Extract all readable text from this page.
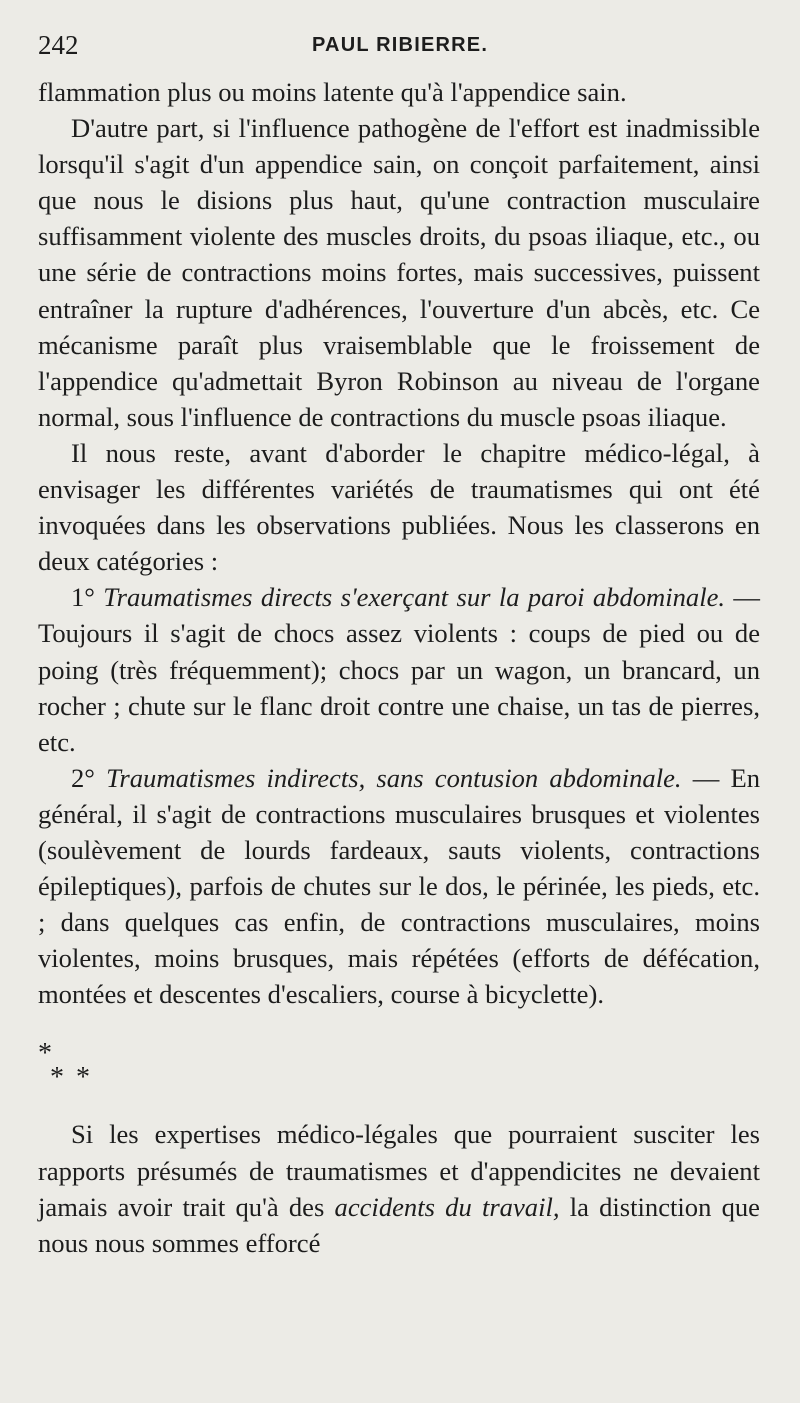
242	PAUL RIBIERRE.

flammation plus ou moins latente qu'à l'appendice sain.

D'autre part, si l'influence pathogène de l'effort est inadmissible lorsqu'il s'agit d'un appendice sain, on conçoit parfaitement, ainsi que nous le disions plus haut, qu'une contraction musculaire suffisamment violente des muscles droits, du psoas iliaque, etc., ou une série de contractions moins fortes, mais successives, puissent entraîner la rupture d'adhérences, l'ouverture d'un abcès, etc. Ce mécanisme paraît plus vraisemblable que le froissement de l'appendice qu'admettait Byron Robinson au niveau de l'organe normal, sous l'influence de contractions du muscle psoas iliaque.

Il nous reste, avant d'aborder le chapitre médico-légal, à envisager les différentes variétés de traumatismes qui ont été invoquées dans les observations publiées. Nous les classerons en deux catégories :

1° Traumatismes directs s'exerçant sur la paroi abdominale. — Toujours il s'agit de chocs assez violents : coups de pied ou de poing (très fréquemment); chocs par un wagon, un brancard, un rocher ; chute sur le flanc droit contre une chaise, un tas de pierres, etc.

2° Traumatismes indirects, sans contusion abdominale. — En général, il s'agit de contractions musculaires brusques et violentes (soulèvement de lourds fardeaux, sauts violents, contractions épileptiques), parfois de chutes sur le dos, le périnée, les pieds, etc. ; dans quelques cas enfin, de contractions musculaires, moins violentes, moins brusques, mais répétées (efforts de défécation, montées et descentes d'escaliers, course à bicyclette).

*
**

Si les expertises médico-légales que pourraient susciter les rapports présumés de traumatismes et d'appendicites ne devaient jamais avoir trait qu'à des accidents du travail, la distinction que nous nous sommes efforcé
